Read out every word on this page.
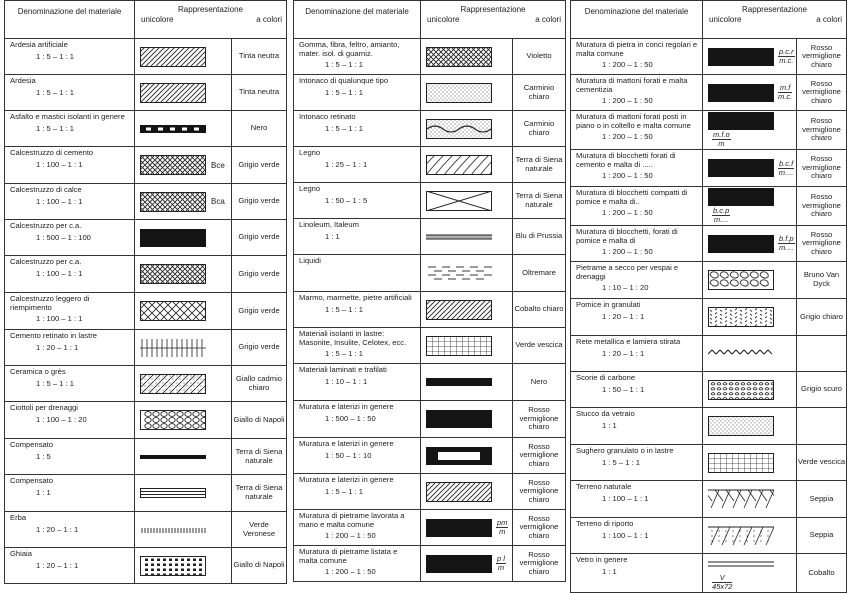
Denominazione del materiale	Rappresentazione
unicolore a colori	

Ardesia artificiale
1 : 5 – 1 : 1		Tinta neutra
Ardesia
1 : 5 – 1 : 1		Tinta neutra
Asfalto e mastici isolanti in genere
1 : 5 – 1 : 1		Nero
Calcestruzzo di cemento
1 : 100 – 1 : 1	Bce	Grigio verde
Calcestruzzo di calce
1 : 100 – 1 : 1	Bca	Grigio verde
Calcestruzzo per c.a.
1 : 500 – 1 : 100		Grigio verde
Calcestruzzo per c.a.
1 : 100 – 1 : 1		Grigio verde
Calcestruzzo leggero di riempimento
1 : 100 – 1 : 1		Grigio verde
Cemento retinato in lastre
1 : 20 – 1 : 1		Grigio verde
Ceramica o grès
1 : 5 – 1 : 1		Giallo cadmio chiaro
Ciottoli per drenaggi
1 : 100 – 1 : 20		Giallo di Napoli
Compensato
1 : 5		Terra di Siena naturale
Compensato
1 : 1		Terra di Siena naturale
Erba
1 : 20 – 1 : 1		Verde Veronese
Ghiaia
1 : 20 – 1 : 1		Giallo di Napoli
Denominazione del materiale	Rappresentazione
unicolore a colori	

Gomma, fibra, feltro, amianto, mater. isol. di guarniz.
1 : 5 – 1 : 1		Violetto
Intonaco di qualunque tipo
1 : 5 – 1 : 1		Carminio chiaro
Intonaco retinato
1 : 5 – 1 : 1		Carminio chiaro
Legno
1 : 25 – 1 : 1		Terra di Siena naturale
Legno
1 : 50 – 1 : 5		Terra di Siena naturale
Linoleum, Italeum
1 : 1		Blu di Prussia
Liquidi		Oltremare
Marmo, marmette, pietre artificiali
1 : 5 – 1 : 1		Cobalto chiaro
Materiali isolanti in lastre: Masonite, Insulite, Celotex, ecc.
1 : 5 – 1 : 1		Verde vescica
Materiali laminati e trafilati
1 : 10 – 1 : 1		Nero
Muratura e laterizi in genere
1 : 500 – 1 : 50		Rosso vermiglione chiaro
Muratura e laterizi in genere
1 : 50 – 1 : 10		Rosso vermiglione chiaro
Muratura e laterizi in genere
1 : 5 – 1 : 1		Rosso vermiglione chiaro
Muratura di pietrame lavorata a mano e malta comune
1 : 200 – 1 : 50	$\frac{pm}{m}$	Rosso vermiglione chiaro
Muratura di pietrame listata e malta comune
1 : 200 – 1 : 50	$\frac{\text{p l}}{m}$	Rosso vermiglione chiaro
Denominazione del materiale	Rappresentazione
unicolore a colori	

Muratura di pietra in conci regolari e malta comune
1 : 200 – 1 : 50	$\frac{p.c.r}{m.c.}$	Rosso vermiglione chiaro
Muratura di mattoni forati e malta cementizia
1 : 200 – 1 : 50	$\frac{m.f}{m.c.}$	Rosso vermiglione chiaro
Muratura di mattoni forati posti in piano o in coltello e malta comune
1 : 200 – 1 : 50	$\frac{m.f.o}{m}$	Rosso vermiglione chiaro
Muratura di blocchetti forati di cemento e malta di .....
1 : 200 – 1 : 50	$\frac{b.c.f}{m....}$	Rosso vermiglione chiaro
Muratura di blocchetti compatti di pomice e malta di..
1 : 200 – 1 : 50	$\frac{b.c.p}{m....}$	Rosso vermiglione chiaro
Muratura di blocchetti, forati di pomice e malta di
1 : 200 – 1 : 50	$\frac{b.f.p}{m....}$	Rosso vermiglione chiaro
Pietrame a secco per vespai e drenaggi
1 : 10 – 1 : 20		Bruno Van Dyck
Pomice in granulati
1 : 20 – 1 : 1		Grigio chiaro
Rete metallica e lamiera stirata
1 : 20 – 1 : 1

Scorie di carbone
1 : 50 – 1 : 1		Grigio scuro
Stucco da vetraio
1 : 1

Sughero granulato o in lastre
1 : 5 – 1 : 1		Verde vescica
Terreno naturale
1 : 100 – 1 : 1		Seppia
Terreno di riporto
1 : 100 – 1 : 1		Seppia
Vetro in genere
1 : 1	$\frac{V}{45x72}$	Cobalto
